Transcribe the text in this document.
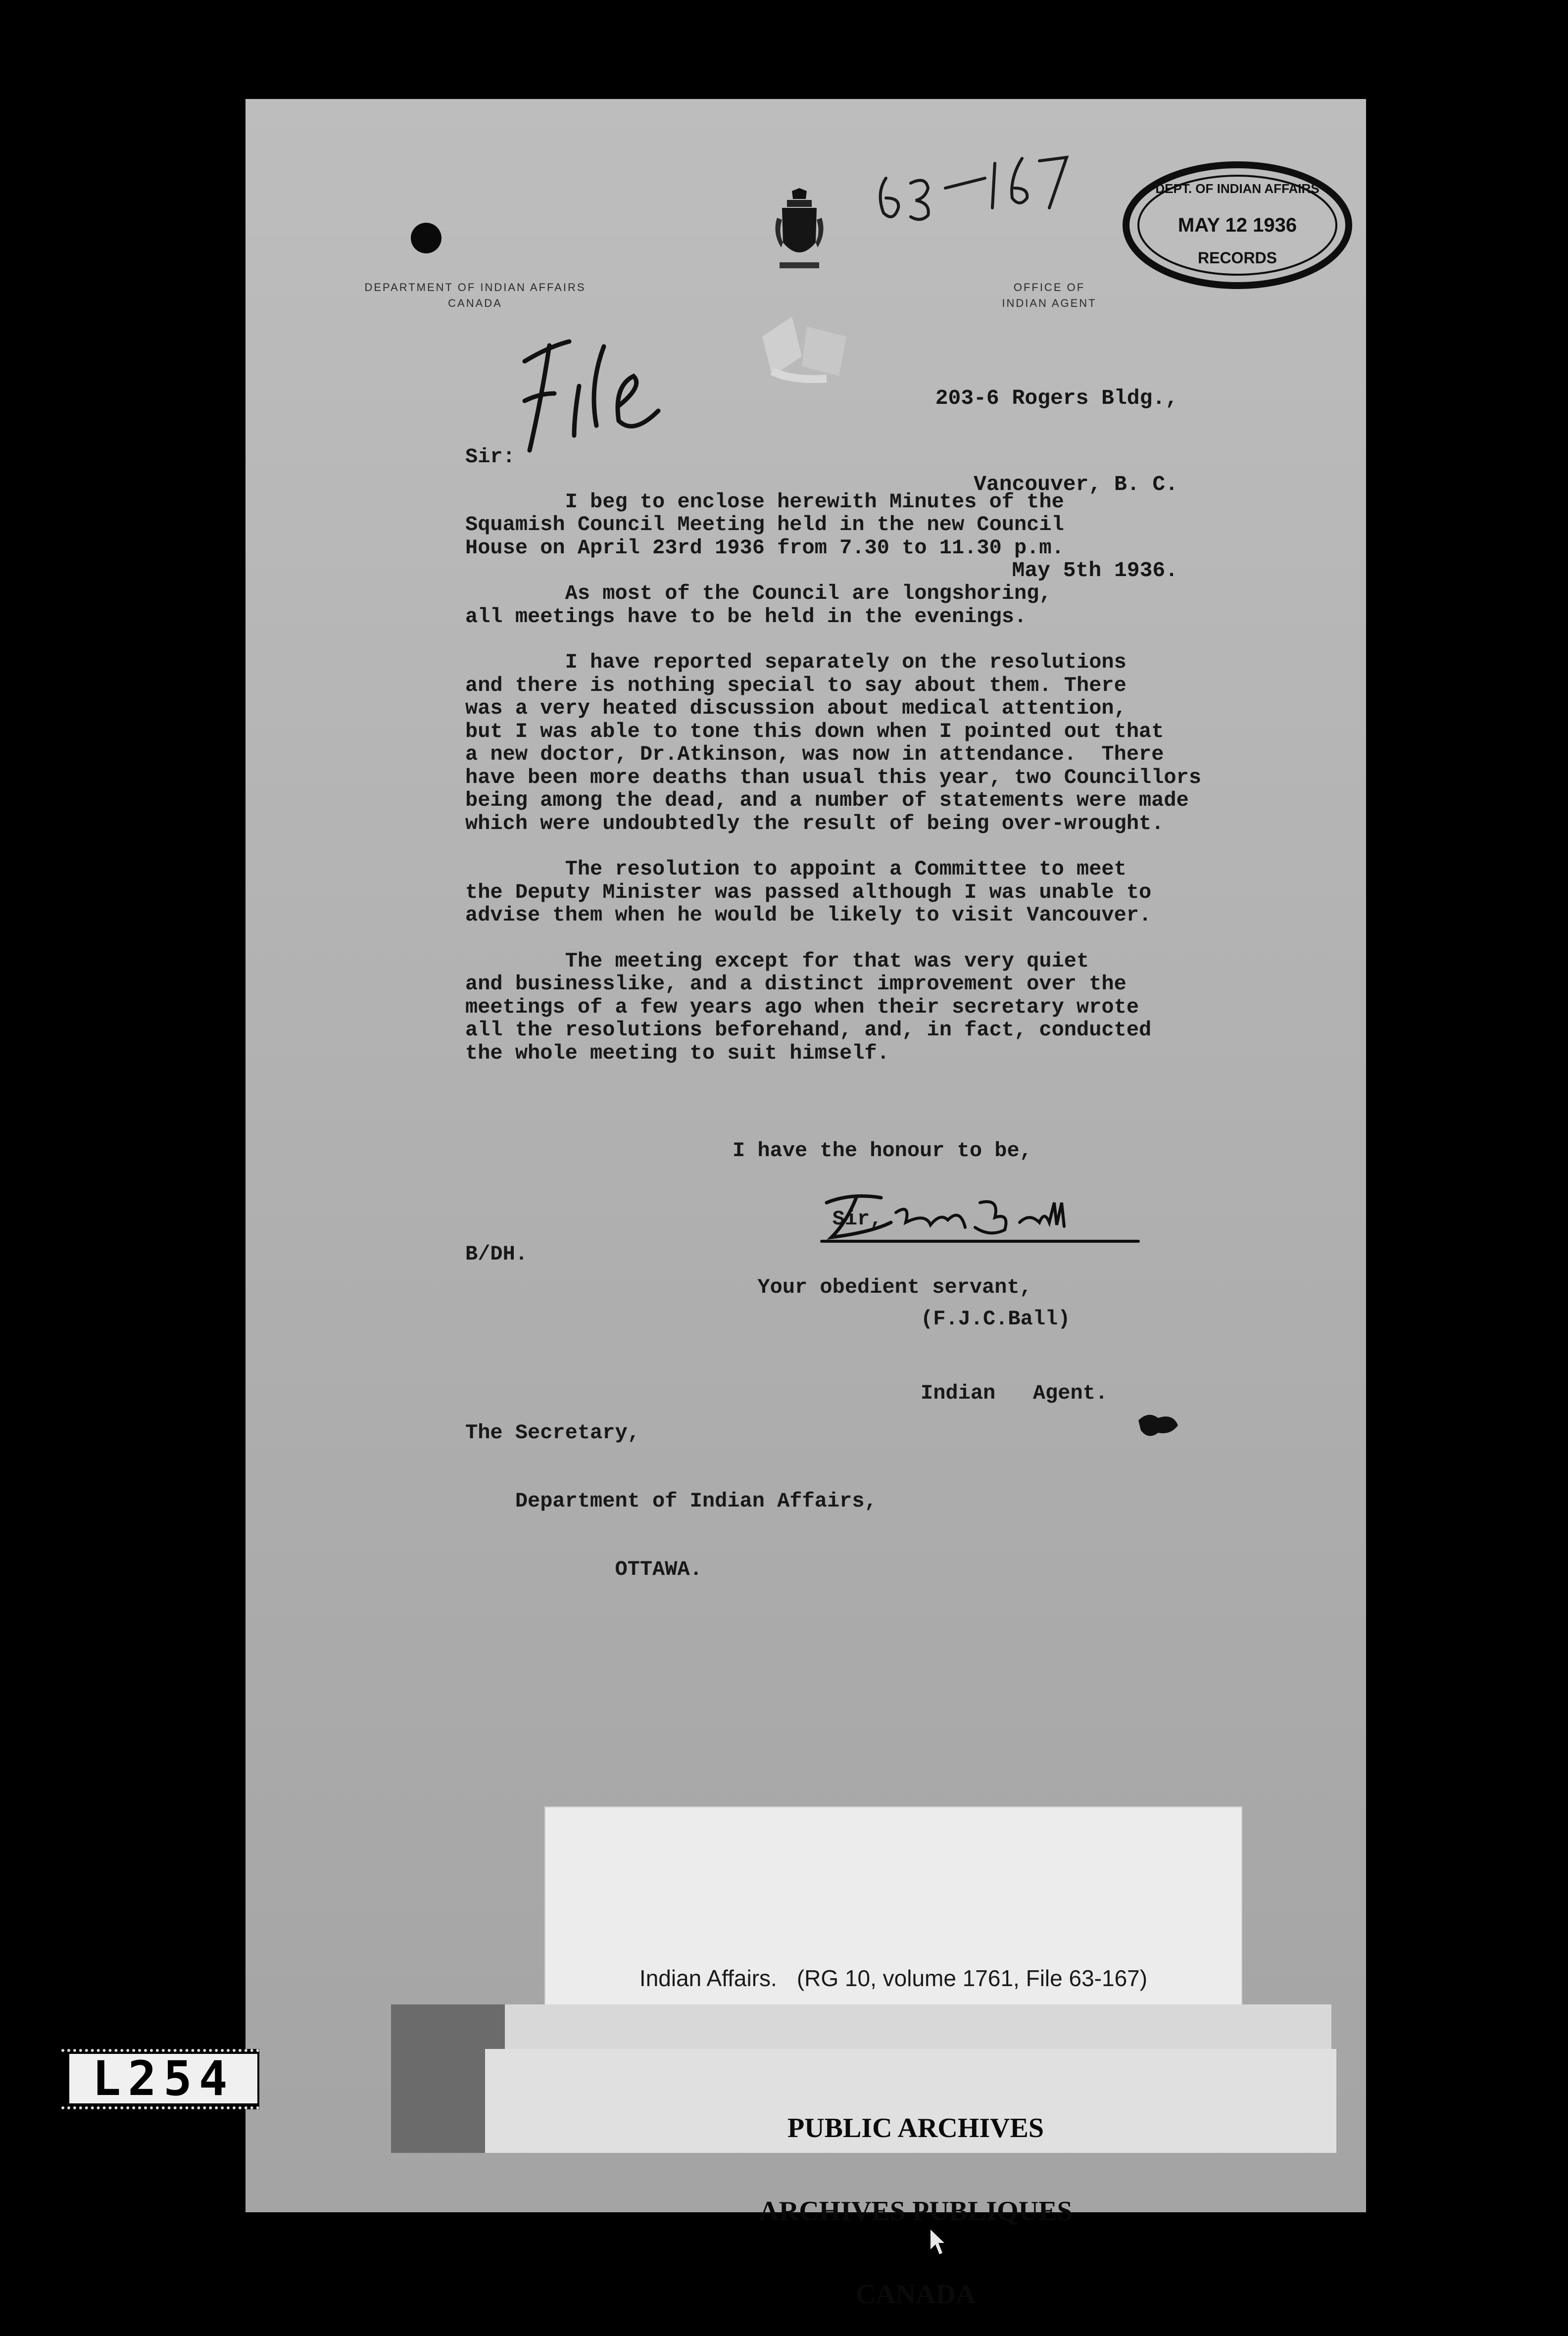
DEPARTMENT OF INDIAN AFFAIRS
CANADA
OFFICE OF
INDIAN AGENT
DEPT. OF INDIAN AFFAIRS
MAY 12 1936
RECORDS

203-6 Rogers Bldg.,

Vancouver, B. C.

May 5th 1936.

Sir:
I beg to enclose herewith Minutes of the
Squamish Council Meeting held in the new Council
House on April 23rd 1936 from 7.30 to 11.30 p.m.
As most of the Council are longshoring,
all meetings have to be held in the evenings.
I have reported separately on the resolutions
and there is nothing special to say about them. There
was a very heated discussion about medical attention,
but I was able to tone this down when I pointed out that
a new doctor, Dr.Atkinson, was now in attendance.  There
have been more deaths than usual this year, two Councillors
being among the dead, and a number of statements were made
which were undoubtedly the result of being over-wrought.
The resolution to appoint a Committee to meet
the Deputy Minister was passed although I was unable to
advise them when he would be likely to visit Vancouver.
The meeting except for that was very quiet
and businesslike, and a distinct improvement over the
meetings of a few years ago when their secretary wrote
all the resolutions beforehand, and, in fact, conducted
the whole meeting to suit himself.

I have the honour to be,

Sir,

Your obedient servant,

B/DH.

(F.J.C.Ball)

Indian   Agent.

The Secretary,

Department of Indian Affairs,

OTTAWA.

Indian Affairs. (RG 10, volume 1761, File 63-167)

PUBLIC ARCHIVES

ARCHIVES PUBLIQUES

CANADA

L254
